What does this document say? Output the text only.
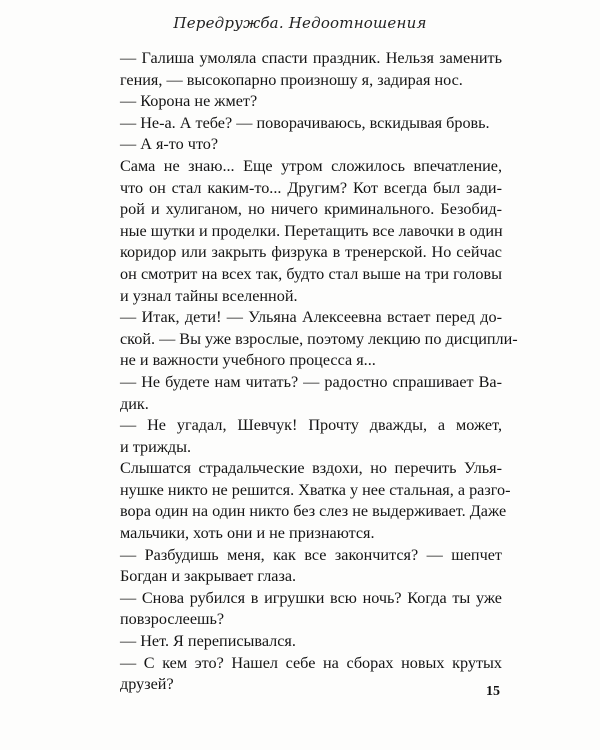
Передружба. Недоотношения

— Галиша умоляла спасти праздник. Нельзя заменить
гения, — высокопарно произношу я, задирая нос.

— Корона не жмет?

— Не-а. А тебе? — поворачиваюсь, вскидывая бровь.

— А я-то что?

Сама не знаю... Еще утром сложилось впечатление,
что он стал каким-то... Другим? Кот всегда был зади-
рой и хулиганом, но ничего криминального. Безобид-
ные шутки и проделки. Перетащить все лавочки в один
коридор или закрыть физрука в тренерской. Но сейчас
он смотрит на всех так, будто стал выше на три головы
и узнал тайны вселенной.

— Итак, дети! — Ульяна Алексеевна встает перед до-
ской. — Вы уже взрослые, поэтому лекцию по дисципли-
не и важности учебного процесса я...

— Не будете нам читать? — радостно спрашивает Ва-
дик.

— Не угадал, Шевчук! Прочту дважды, а может,
и трижды.

Слышатся страдальческие вздохи, но перечить Улья-
нушке никто не решится. Хватка у нее стальная, а разго-
вора один на один никто без слез не выдерживает. Даже
мальчики, хоть они и не признаются.

— Разбудишь меня, как все закончится? — шепчет
Богдан и закрывает глаза.

— Снова рубился в игрушки всю ночь? Когда ты уже
повзрослеешь?

— Нет. Я переписывался.

— С кем это? Нашел себе на сборах новых крутых
друзей?	15
